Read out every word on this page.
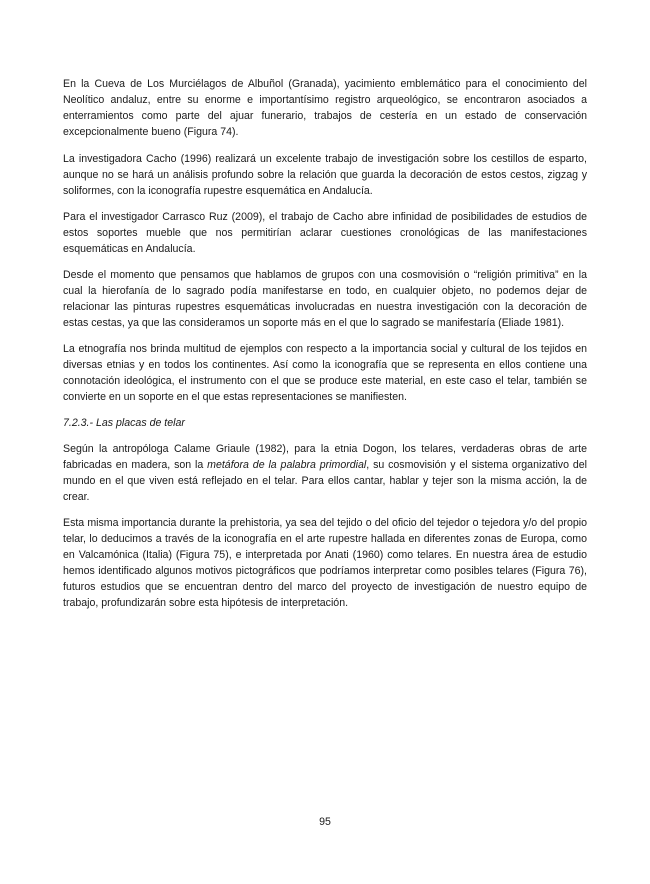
En la Cueva de Los Murciélagos de Albuñol (Granada), yacimiento emblemático para el conocimiento del Neolítico andaluz, entre su enorme e importantísimo registro arqueológico, se encontraron asociados a enterramientos como parte del ajuar funerario, trabajos de cestería en un estado de conservación excepcionalmente bueno (Figura 74).

La investigadora Cacho (1996) realizará un excelente trabajo de investigación sobre los cestillos de esparto, aunque no se hará un análisis profundo sobre la relación que guarda la decoración de estos cestos, zigzag y soliformes, con la iconografía rupestre esquemática en Andalucía.

Para el investigador Carrasco Ruz (2009), el trabajo de Cacho abre infinidad de posibilidades de estudios de estos soportes mueble que nos permitirían aclarar cuestiones cronológicas de las manifestaciones esquemáticas en Andalucía.

Desde el momento que pensamos que hablamos de grupos con una cosmovisión o “religión primitiva” en la cual la hierofanía de lo sagrado podía manifestarse en todo, en cualquier objeto, no podemos dejar de relacionar las pinturas rupestres esquemáticas involucradas en nuestra investigación con la decoración de estas cestas, ya que las consideramos un soporte más en el que lo sagrado se manifestaría (Eliade 1981).

La etnografía nos brinda multitud de ejemplos con respecto a la importancia social y cultural de los tejidos en diversas etnias y en todos los continentes. Así como la iconografía que se representa en ellos contiene una connotación ideológica, el instrumento con el que se produce este material, en este caso el telar, también se convierte en un soporte en el que estas representaciones se manifiesten.

7.2.3.- Las placas de telar

Según la antropóloga Calame Griaule (1982), para la etnia Dogon, los telares, verdaderas obras de arte fabricadas en madera, son la metáfora de la palabra primordial, su cosmovisión y el sistema organizativo del mundo en el que viven está reflejado en el telar. Para ellos cantar, hablar y tejer son la misma acción, la de crear.

Esta misma importancia durante la prehistoria, ya sea del tejido o del oficio del tejedor o tejedora y/o del propio telar, lo deducimos a través de la iconografía en el arte rupestre hallada en diferentes zonas de Europa, como en Valcamónica (Italia) (Figura 75), e interpretada por Anati (1960) como telares. En nuestra área de estudio hemos identificado algunos motivos pictográficos que podríamos interpretar como posibles telares (Figura 76), futuros estudios que se encuentran dentro del marco del proyecto de investigación de nuestro equipo de trabajo, profundizarán sobre esta hipótesis de interpretación.

95
